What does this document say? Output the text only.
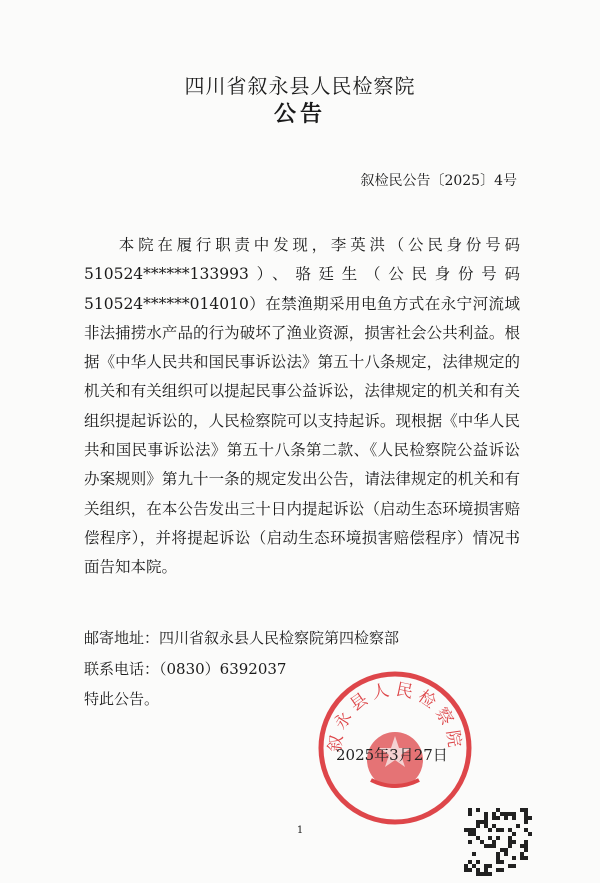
四川省叙永县人民检察院
公告
叙检民公告〔2025〕4号
本院在履行职责中发现，李英洪（公民身份号码510524******133993）、骆廷生（公民身份号码510524******014010）在禁渔期采用电鱼方式在永宁河流域非法捕捞水产品的行为破坏了渔业资源，损害社会公共利益。根据《中华人民共和国民事诉讼法》第五十八条规定，法律规定的机关和有关组织可以提起民事公益诉讼，法律规定的机关和有关组织提起诉讼的，人民检察院可以支持起诉。现根据《中华人民共和国民事诉讼法》第五十八条第二款、《人民检察院公益诉讼办案规则》第九十一条的规定发出公告，请法律规定的机关和有关组织，在本公告发出三十日内提起诉讼（启动生态环境损害赔偿程序），并将提起诉讼（启动生态环境损害赔偿程序）情况书面告知本院。
邮寄地址：四川省叙永县人民检察院第四检察部
联系电话：（0830）6392037
特此公告。
叙永县人民检察院
2025年3月27日
1
